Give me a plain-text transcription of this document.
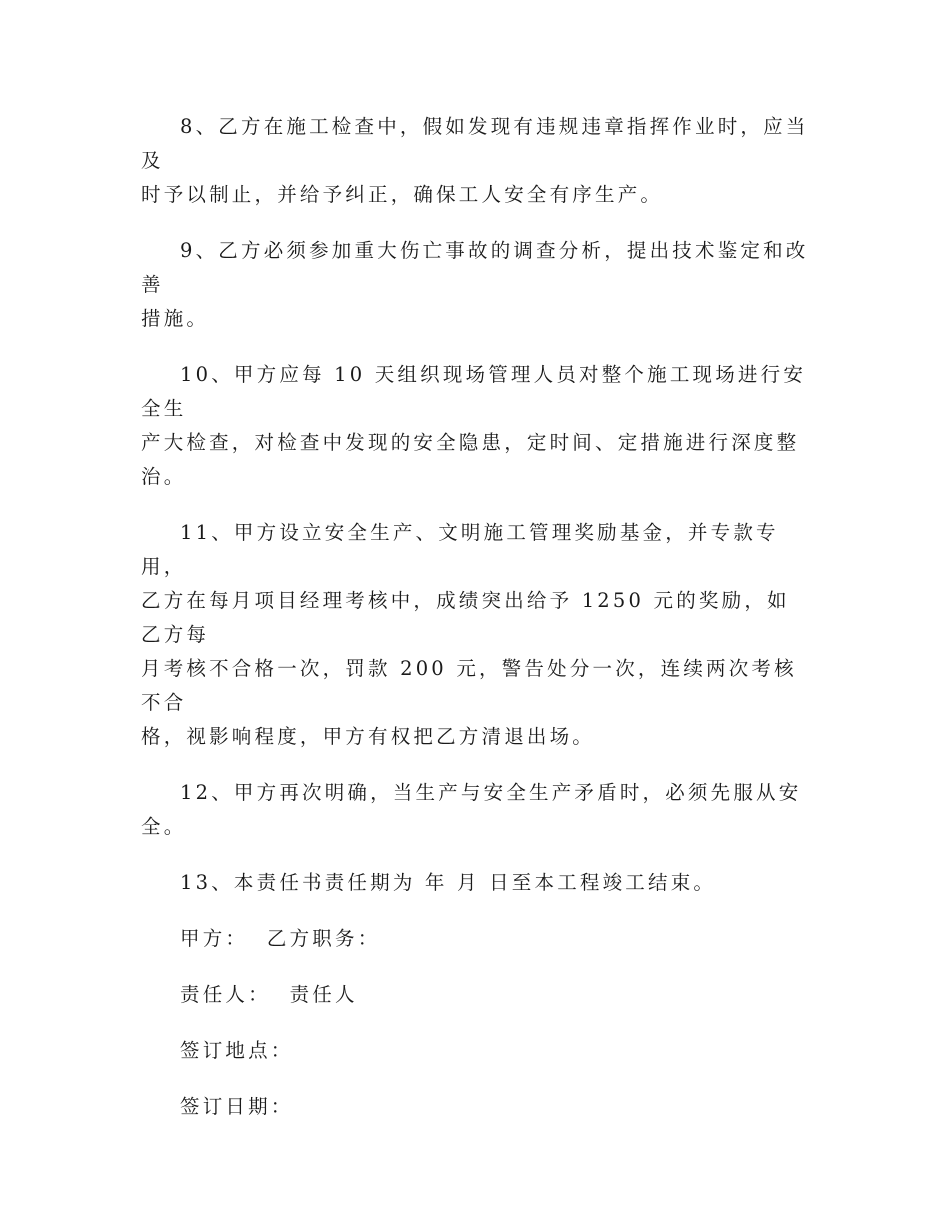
8、乙方在施工检查中，假如发现有违规违章指挥作业时，应当及
时予以制止，并给予纠正，确保工人安全有序生产。

9、乙方必须参加重大伤亡事故的调查分析，提出技术鉴定和改善
措施。

10、甲方应每 10 天组织现场管理人员对整个施工现场进行安全生
产大检查，对检查中发现的安全隐患，定时间、定措施进行深度整
治。

11、甲方设立安全生产、文明施工管理奖励基金，并专款专用，
乙方在每月项目经理考核中，成绩突出给予 1250 元的奖励，如乙方每
月考核不合格一次，罚款 200 元，警告处分一次，连续两次考核不合
格，视影响程度，甲方有权把乙方清退出场。

12、甲方再次明确，当生产与安全生产矛盾时，必须先服从安
全。

13、本责任书责任期为 年 月 日至本工程竣工结束。

甲方：  乙方职务：

责任人：  责任人

签订地点：

签订日期：
